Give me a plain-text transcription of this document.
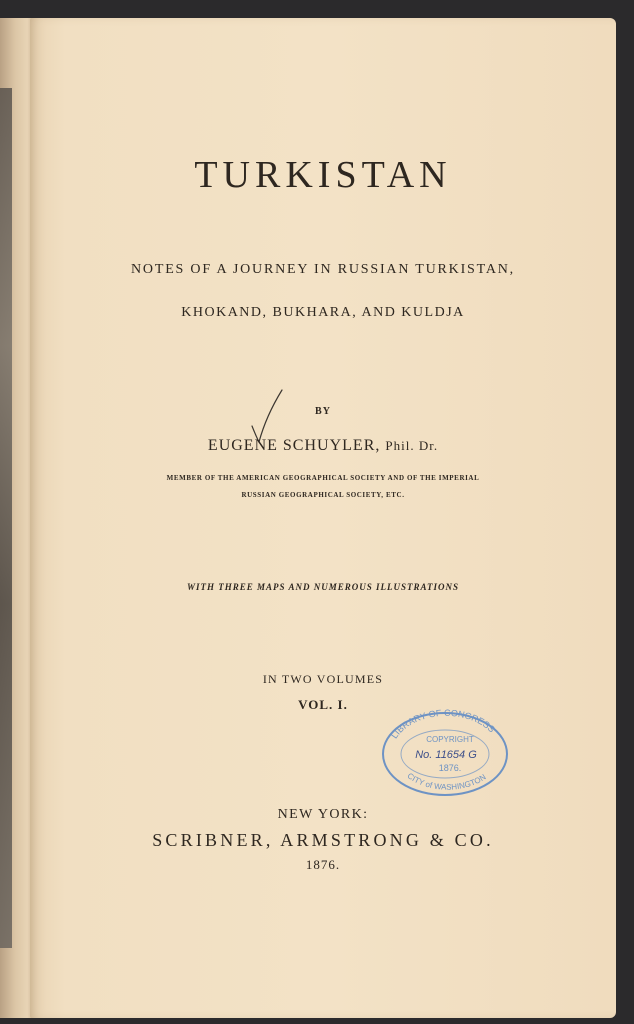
TURKISTAN
NOTES OF A JOURNEY IN RUSSIAN TURKISTAN,
KHOKAND, BUKHARA, AND KULDJA
BY
EUGENE SCHUYLER, Phil. Dr.
MEMBER OF THE AMERICAN GEOGRAPHICAL SOCIETY AND OF THE IMPERIAL
RUSSIAN GEOGRAPHICAL SOCIETY, ETC.
WITH THREE MAPS AND NUMEROUS ILLUSTRATIONS
IN TWO VOLUMES
VOL. I.
LIBRARY OF CONGRESS
COPYRIGHT
No. 11654 G
1876.
CITY of WASHINGTON
NEW YORK:
SCRIBNER, ARMSTRONG & CO.
1876.
